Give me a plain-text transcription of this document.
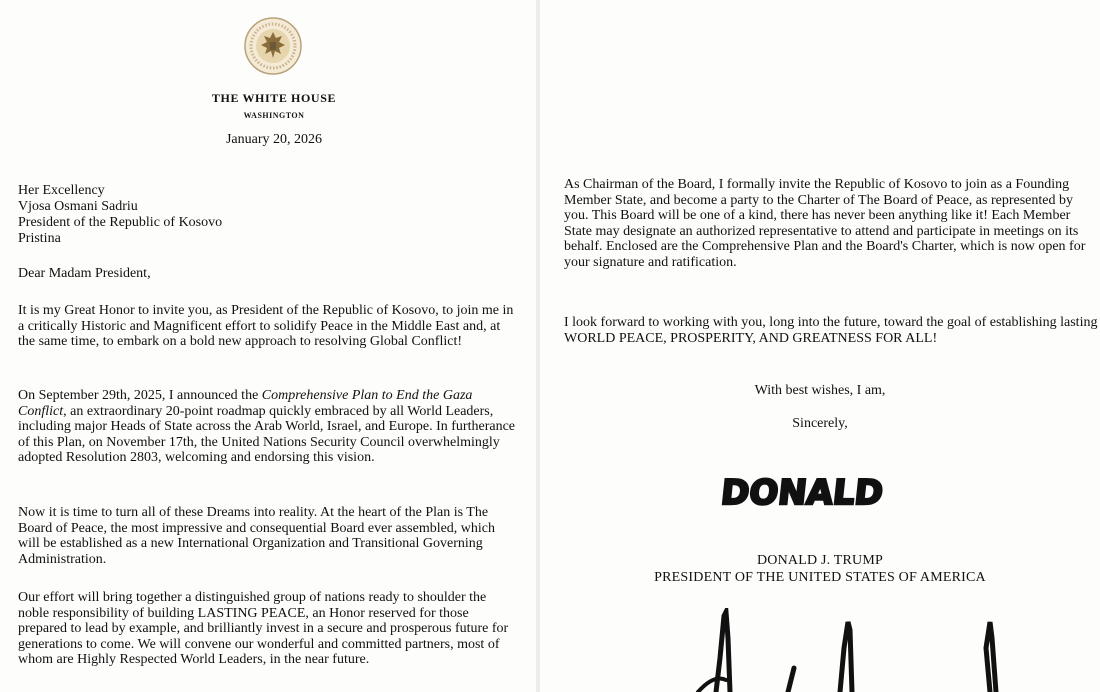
THE WHITE HOUSE
WASHINGTON
January 20, 2026
Her Excellency
Vjosa Osmani Sadriu
President of the Republic of Kosovo
Pristina

Dear Madam President,

It is my Great Honor to invite you, as President of the Republic of Kosovo, to join me in a critically Historic and Magnificent effort to solidify Peace in the Middle East and, at the same time, to embark on a bold new approach to resolving Global Conflict!

On September 29th, 2025, I announced the Comprehensive Plan to End the Gaza Conflict, an extraordinary 20-point roadmap quickly embraced by all World Leaders, including major Heads of State across the Arab World, Israel, and Europe. In furtherance of this Plan, on November 17th, the United Nations Security Council overwhelmingly adopted Resolution 2803, welcoming and endorsing this vision.

Now it is time to turn all of these Dreams into reality. At the heart of the Plan is The Board of Peace, the most impressive and consequential Board ever assembled, which will be established as a new International Organization and Transitional Governing Administration.

Our effort will bring together a distinguished group of nations ready to shoulder the noble responsibility of building LASTING PEACE, an Honor reserved for those prepared to lead by example, and brilliantly invest in a secure and prosperous future for generations to come. We will convene our wonderful and committed partners, most of whom are Highly Respected World Leaders, in the near future.

As Chairman of the Board, I formally invite the Republic of Kosovo to join as a Founding Member State, and become a party to the Charter of The Board of Peace, as represented by you. This Board will be one of a kind, there has never been anything like it! Each Member State may designate an authorized representative to attend and participate in meetings on its behalf. Enclosed are the Comprehensive Plan and the Board's Charter, which is now open for your signature and ratification.

I look forward to working with you, long into the future, toward the goal of establishing lasting WORLD PEACE, PROSPERITY, AND GREATNESS FOR ALL!

With best wishes, I am,
Sincerely,
DONALD
DONALD J. TRUMP
PRESIDENT OF THE UNITED STATES OF AMERICA
